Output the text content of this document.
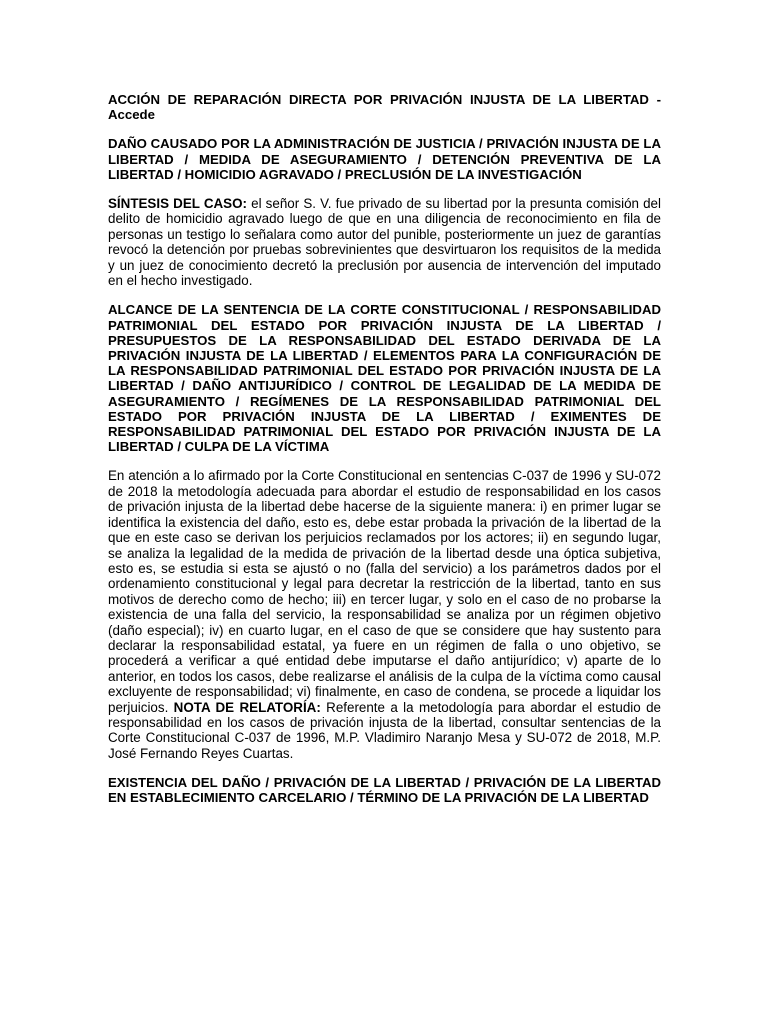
ACCIÓN DE REPARACIÓN DIRECTA POR PRIVACIÓN INJUSTA DE LA LIBERTAD - Accede

DAÑO CAUSADO POR LA ADMINISTRACIÓN DE JUSTICIA / PRIVACIÓN INJUSTA DE LA LIBERTAD / MEDIDA DE ASEGURAMIENTO / DETENCIÓN PREVENTIVA DE LA LIBERTAD / HOMICIDIO AGRAVADO / PRECLUSIÓN DE LA INVESTIGACIÓN

SÍNTESIS DEL CASO: el señor S. V. fue privado de su libertad por la presunta comisión del delito de homicidio agravado luego de que en una diligencia de reconocimiento en fila de personas un testigo lo señalara como autor del punible, posteriormente un juez de garantías revocó la detención por pruebas sobrevinientes que desvirtuaron los requisitos de la medida y un juez de conocimiento decretó la preclusión por ausencia de intervención del imputado en el hecho investigado.

ALCANCE DE LA SENTENCIA DE LA CORTE CONSTITUCIONAL / RESPONSABILIDAD PATRIMONIAL DEL ESTADO POR PRIVACIÓN INJUSTA DE LA LIBERTAD / PRESUPUESTOS DE LA RESPONSABILIDAD DEL ESTADO DERIVADA DE LA PRIVACIÓN INJUSTA DE LA LIBERTAD / ELEMENTOS PARA LA CONFIGURACIÓN DE LA RESPONSABILIDAD PATRIMONIAL DEL ESTADO POR PRIVACIÓN INJUSTA DE LA LIBERTAD / DAÑO ANTIJURÍDICO / CONTROL DE LEGALIDAD DE LA MEDIDA DE ASEGURAMIENTO / REGÍMENES DE LA RESPONSABILIDAD PATRIMONIAL DEL ESTADO POR PRIVACIÓN INJUSTA DE LA LIBERTAD / EXIMENTES DE RESPONSABILIDAD PATRIMONIAL DEL ESTADO POR PRIVACIÓN INJUSTA DE LA LIBERTAD / CULPA DE LA VÍCTIMA

En atención a lo afirmado por la Corte Constitucional en sentencias C-037 de 1996 y SU-072 de 2018 la metodología adecuada para abordar el estudio de responsabilidad en los casos de privación injusta de la libertad debe hacerse de la siguiente manera: i) en primer lugar se identifica la existencia del daño, esto es, debe estar probada la privación de la libertad de la que en este caso se derivan los perjuicios reclamados por los actores; ii) en segundo lugar, se analiza la legalidad de la medida de privación de la libertad desde una óptica subjetiva, esto es, se estudia si esta se ajustó o no (falla del servicio) a los parámetros dados por el ordenamiento constitucional y legal para decretar la restricción de la libertad, tanto en sus motivos de derecho como de hecho; iii) en tercer lugar, y solo en el caso de no probarse la existencia de una falla del servicio, la responsabilidad se analiza por un régimen objetivo (daño especial); iv) en cuarto lugar, en el caso de que se considere que hay sustento para declarar la responsabilidad estatal, ya fuere en un régimen de falla o uno objetivo, se procederá a verificar a qué entidad debe imputarse el daño antijurídico; v) aparte de lo anterior, en todos los casos, debe realizarse el análisis de la culpa de la víctima como causal excluyente de responsabilidad; vi) finalmente, en caso de condena, se procede a liquidar los perjuicios. NOTA DE RELATORÍA: Referente a la metodología para abordar el estudio de responsabilidad en los casos de privación injusta de la libertad, consultar sentencias de la Corte Constitucional C-037 de 1996, M.P. Vladimiro Naranjo Mesa y SU-072 de 2018, M.P. José Fernando Reyes Cuartas.

EXISTENCIA DEL DAÑO / PRIVACIÓN DE LA LIBERTAD / PRIVACIÓN DE LA LIBERTAD EN ESTABLECIMIENTO CARCELARIO / TÉRMINO DE LA PRIVACIÓN DE LA LIBERTAD
